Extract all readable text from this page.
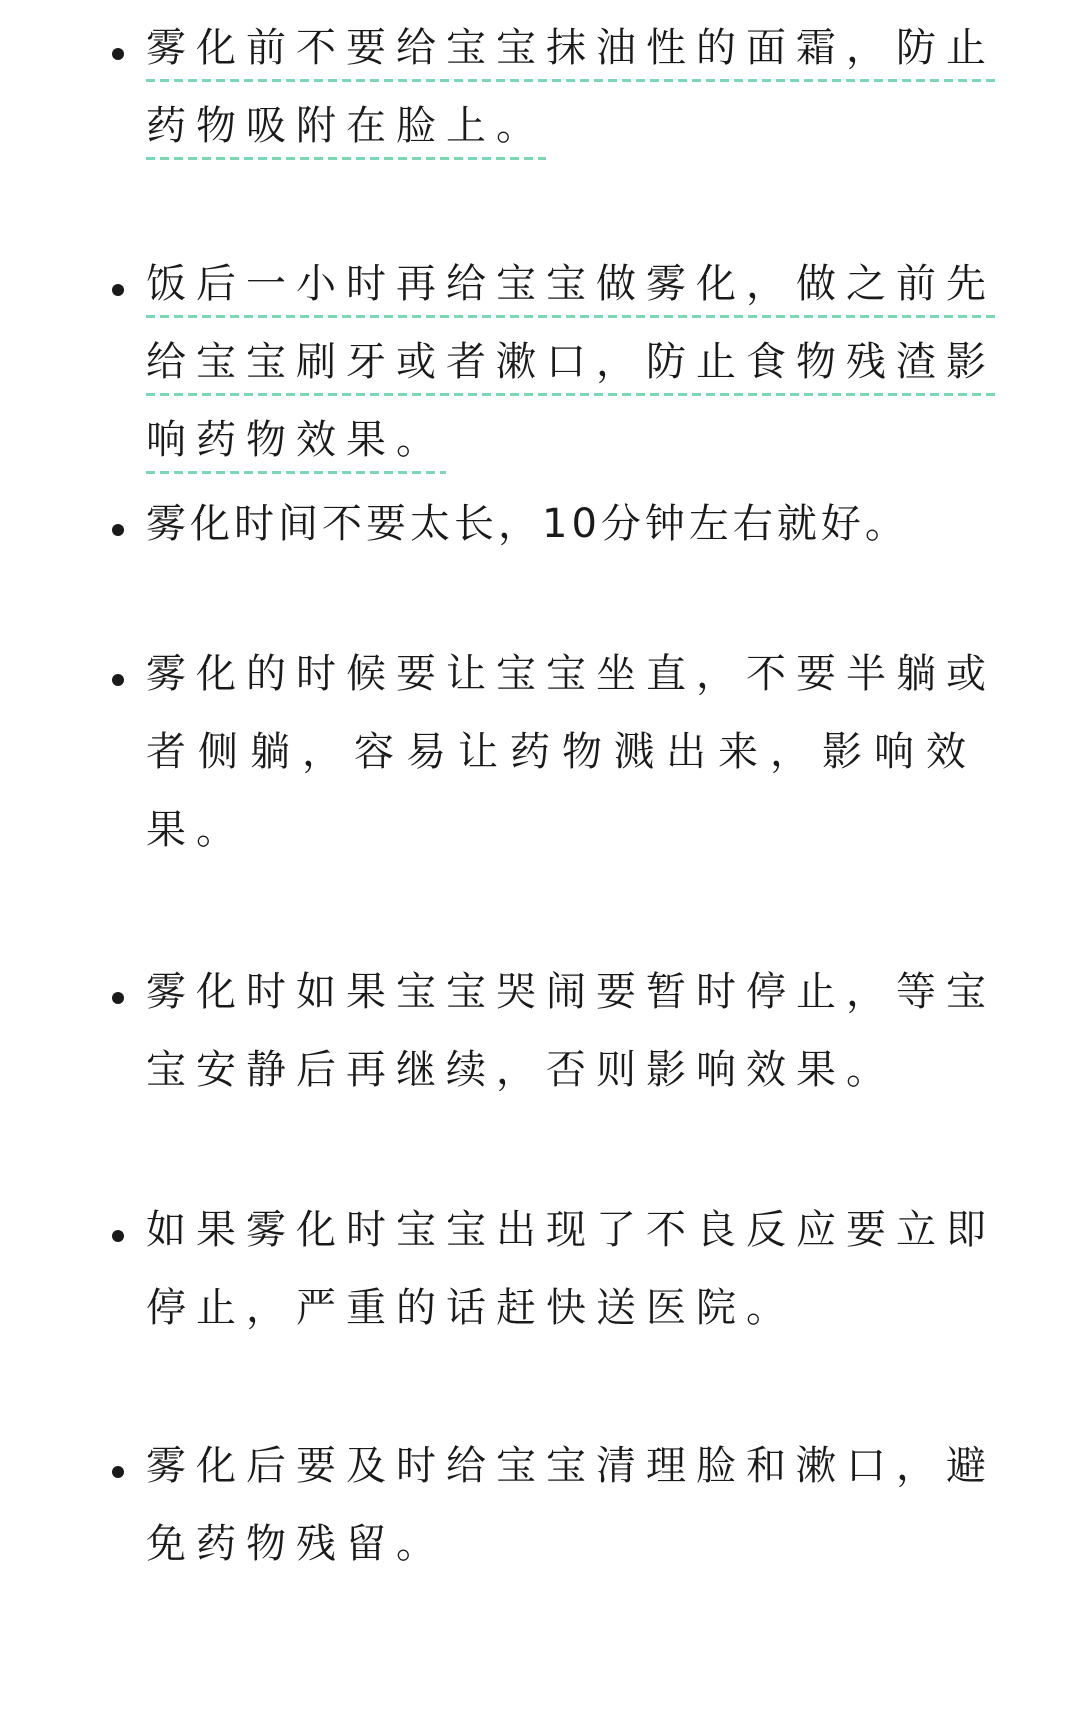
雾化前不要给宝宝抹油性的面霜，防止
药物吸附在脸上。
饭后一小时再给宝宝做雾化，做之前先
给宝宝刷牙或者漱口，防止食物残渣影
响药物效果。
雾化时间不要太长，10分钟左右就好。
雾化的时候要让宝宝坐直，不要半躺或
者侧躺，容易让药物溅出来，影响效
果。
雾化时如果宝宝哭闹要暂时停止，等宝
宝安静后再继续，否则影响效果。
如果雾化时宝宝出现了不良反应要立即
停止，严重的话赶快送医院。
雾化后要及时给宝宝清理脸和漱口，避
免药物残留。
